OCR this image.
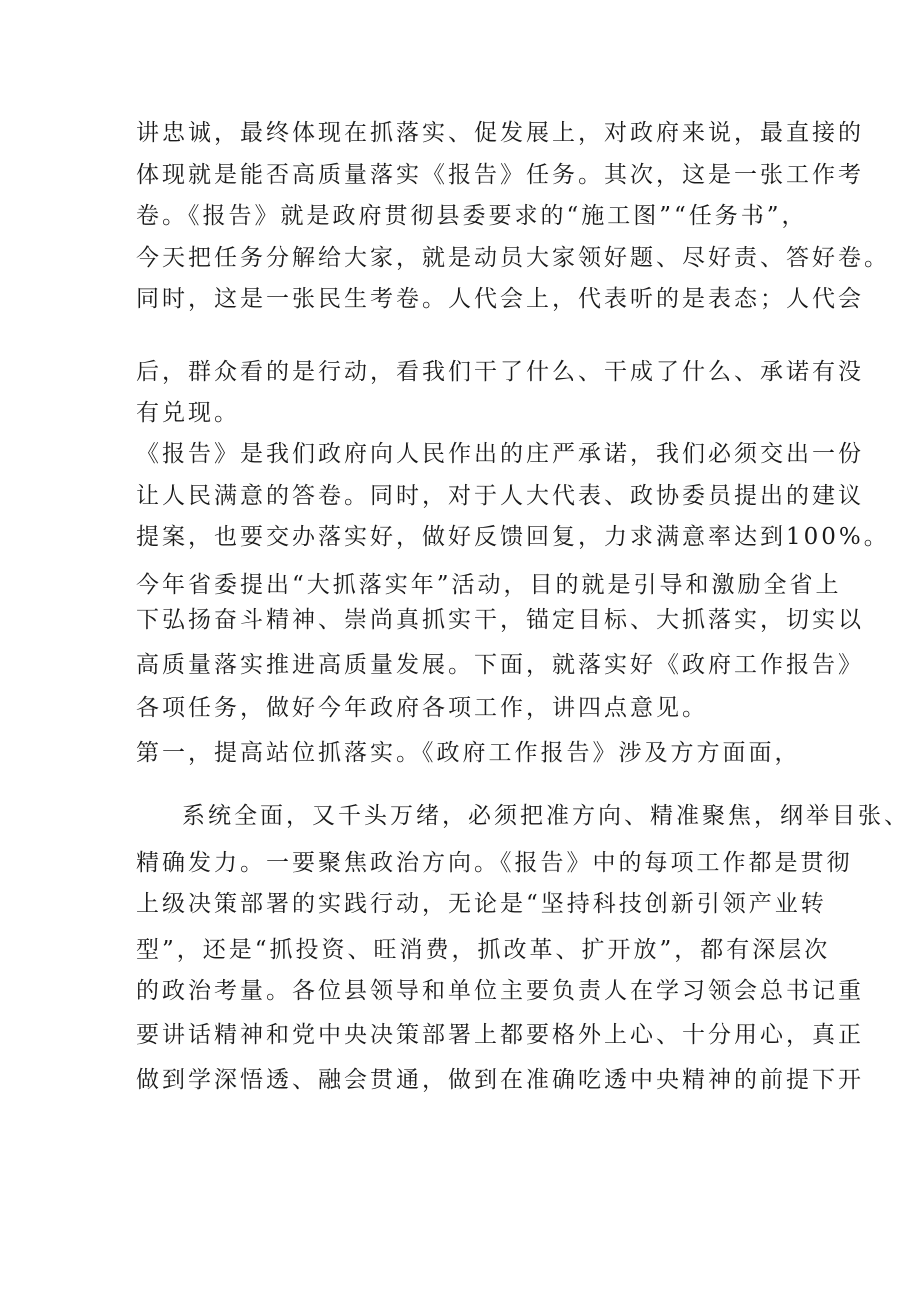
讲忠诚，最终体现在抓落实、促发展上，对政府来说，最直接的

体现就是能否高质量落实《报告》任务。其次，这是一张工作考

卷。《报告》就是政府贯彻县委要求的“施工图”“任务书”，

今天把任务分解给大家，就是动员大家领好题、尽好责、答好卷。

同时，这是一张民生考卷。人代会上，代表听的是表态；人代会

后，群众看的是行动，看我们干了什么、干成了什么、承诺有没

有兑现。

《报告》是我们政府向人民作出的庄严承诺，我们必须交出一份

让人民满意的答卷。同时，对于人大代表、政协委员提出的建议

提案，也要交办落实好，做好反馈回复，力求满意率达到100%。

今年省委提出“大抓落实年”活动，目的就是引导和激励全省上

下弘扬奋斗精神、崇尚真抓实干，锚定目标、大抓落实，切实以

高质量落实推进高质量发展。下面，就落实好《政府工作报告》

各项任务，做好今年政府各项工作，讲四点意见。

第一，提高站位抓落实。《政府工作报告》涉及方方面面，

系统全面，又千头万绪，必须把准方向、精准聚焦，纲举目张、

精确发力。一要聚焦政治方向。《报告》中的每项工作都是贯彻

上级决策部署的实践行动，无论是“坚持科技创新引领产业转

型”，还是“抓投资、旺消费，抓改革、扩开放”，都有深层次

的政治考量。各位县领导和单位主要负责人在学习领会总书记重

要讲话精神和党中央决策部署上都要格外上心、十分用心，真正

做到学深悟透、融会贯通，做到在准确吃透中央精神的前提下开
